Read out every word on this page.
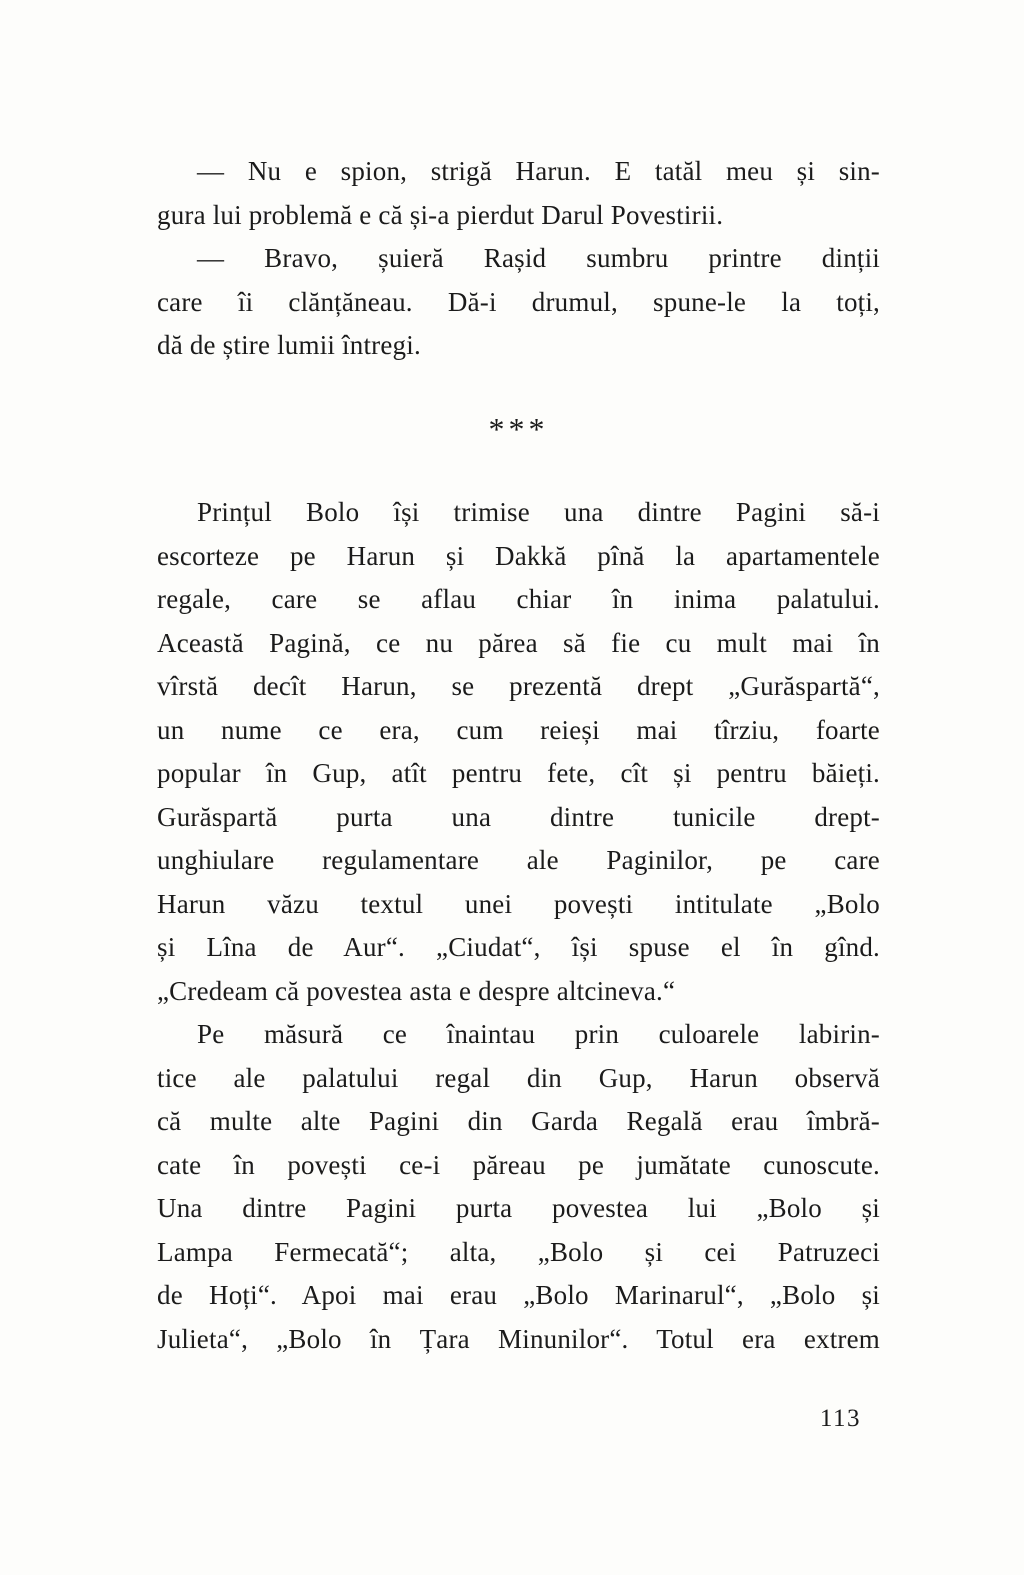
— Nu e spion, strigă Harun. E tatăl meu și sin-
gura lui problemă e că și-a pierdut Darul Povestirii.

— Bravo, șuieră Rașid sumbru printre dinții
care îi clănțăneau. Dă-i drumul, spune-le la toți,
dă de știre lumii întregi.

***

Prințul Bolo își trimise una dintre Pagini să-i
escorteze pe Harun și Dakkă pînă la apartamentele
regale, care se aflau chiar în inima palatului.
Această Pagină, ce nu părea să fie cu mult mai în
vîrstă decît Harun, se prezentă drept „Gurăspartă“,
un nume ce era, cum reieși mai tîrziu, foarte
popular în Gup, atît pentru fete, cît și pentru băieți.
Gurăspartă purta una dintre tunicile drept-
unghiulare regulamentare ale Paginilor, pe care
Harun văzu textul unei povești intitulate „Bolo
și Lîna de Aur“. „Ciudat“, își spuse el în gînd.
„Credeam că povestea asta e despre altcineva.“

Pe măsură ce înaintau prin culoarele labirin-
tice ale palatului regal din Gup, Harun observă
că multe alte Pagini din Garda Regală erau îmbră-
cate în povești ce-i păreau pe jumătate cunoscute.
Una dintre Pagini purta povestea lui „Bolo și
Lampa Fermecată“; alta, „Bolo și cei Patruzeci
de Hoți“. Apoi mai erau „Bolo Marinarul“, „Bolo și
Julieta“, „Bolo în Țara Minunilor“. Totul era extrem

113
